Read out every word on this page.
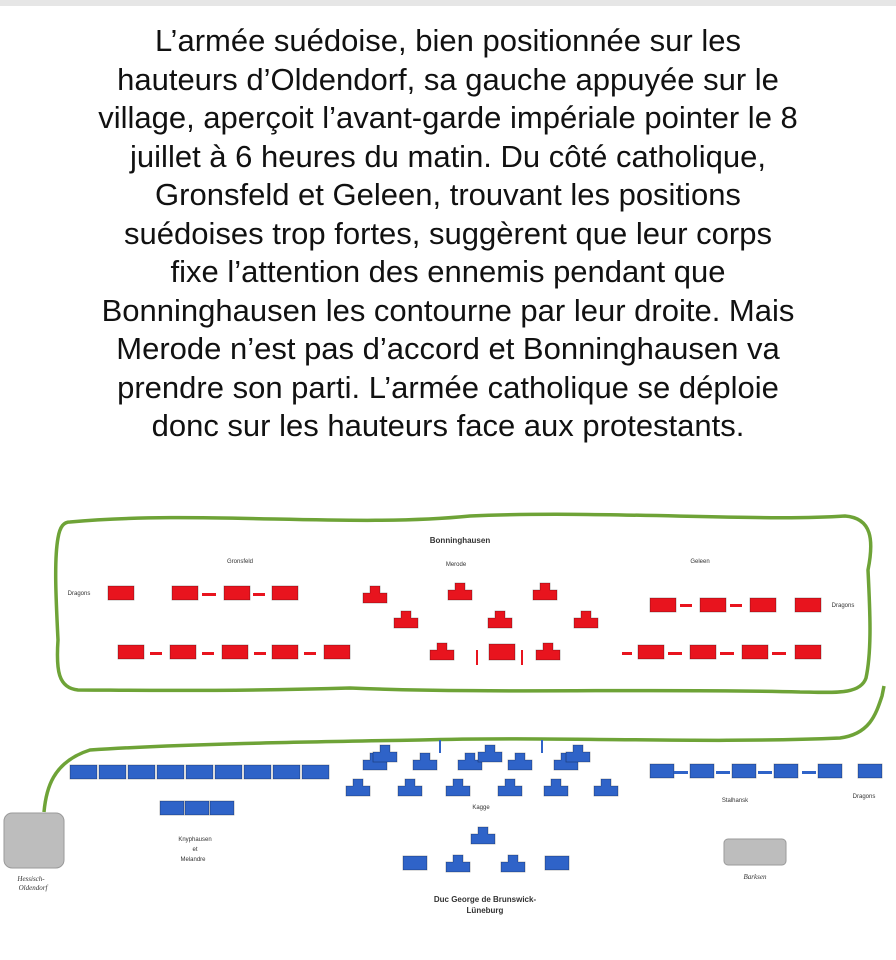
L’armée suédoise, bien positionnée sur les
hauteurs d’Oldendorf, sa gauche appuyée sur le
village, aperçoit l’avant-garde impériale pointer le 8
juillet à 6 heures du matin. Du côté catholique,
Gronsfeld et Geleen, trouvant les positions
suédoises trop fortes, suggèrent que leur corps
fixe l’attention des ennemis pendant que
Bonninghausen les contourne par leur droite. Mais
Merode n’est pas d’accord et Bonninghausen va
prendre son parti. L’armée catholique se déploie
donc sur les hauteurs face aux protestants.
Bonninghausen
Gronsfeld	Merode	Geleen
Dragons
Dragons
Kagge
Stalhansk
Dragons
Knyphausen
et
Melandre
Hessisch-
Oldendorf
Barksen
Duc George de Brunswick-
Lüneburg
